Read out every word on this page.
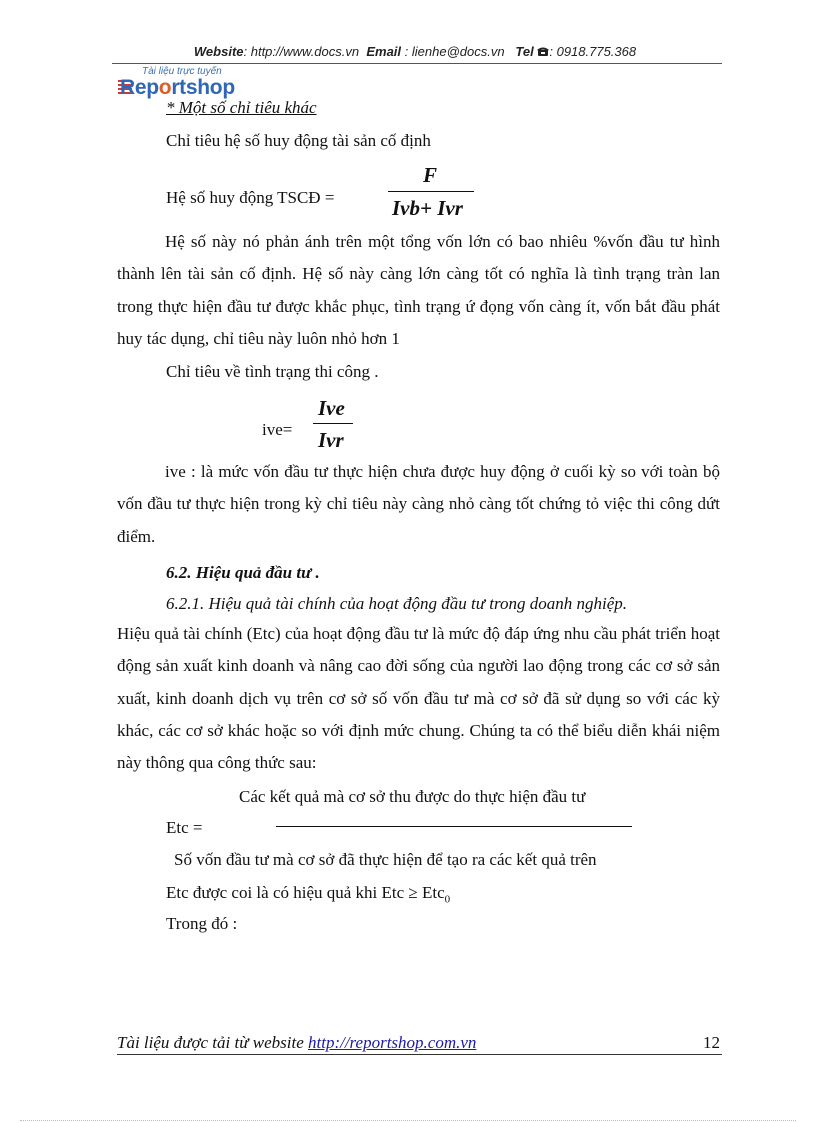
Website: http://www.docs.vn Email : lienhe@docs.vn Tel : 0918.775.368
Tài liệu trực tuyến
Reportshop
* Một số chỉ tiêu khác
Chỉ tiêu hệ số huy động tài sản cố định
Hệ số huy động TSCĐ =
F
Ivb+ Ivr
Hệ số này nó phản ánh trên một tổng vốn lớn có bao nhiêu %vốn đầu tư hình thành lên tài sản cố định. Hệ số này càng lớn càng tốt có nghĩa là tình trạng tràn lan trong thực hiện đầu tư được khắc phục, tình trạng ứ đọng vốn càng ít, vốn bắt đầu phát huy tác dụng, chỉ tiêu này luôn nhỏ hơn 1
Chỉ tiêu về tình trạng thi công .
ive=
Ive
Ivr
ive : là mức vốn đầu tư thực hiện chưa được huy động ở cuối kỳ so với toàn bộ vốn đầu tư thực hiện trong kỳ chỉ tiêu này càng nhỏ càng tốt chứng tỏ việc thi công dứt điểm.
6.2. Hiệu quả đầu tư .
6.2.1. Hiệu quả tài chính của hoạt động đầu tư trong doanh nghiệp.
Hiệu quả tài chính (Etc) của hoạt động đầu tư là mức độ đáp ứng nhu cầu phát triển hoạt động sản xuất kinh doanh và nâng cao đời sống của người lao động trong các cơ sở sản xuất, kinh doanh dịch vụ trên cơ sở số vốn đầu tư mà cơ sở đã sử dụng so với các kỳ khác, các cơ sở khác hoặc so với định mức chung. Chúng ta có thể biểu diễn khái niệm này thông qua công thức sau:
Các kết quả mà cơ sở thu được do thực hiện đầu tư
Etc =
Số vốn đầu tư mà cơ sở đã thực hiện để tạo ra các kết quả trên
Etc được coi là có hiệu quả khi Etc ≥ Etc$_0$
Trong đó :
Tài liệu được tải từ website http://reportshop.com.vn	12
